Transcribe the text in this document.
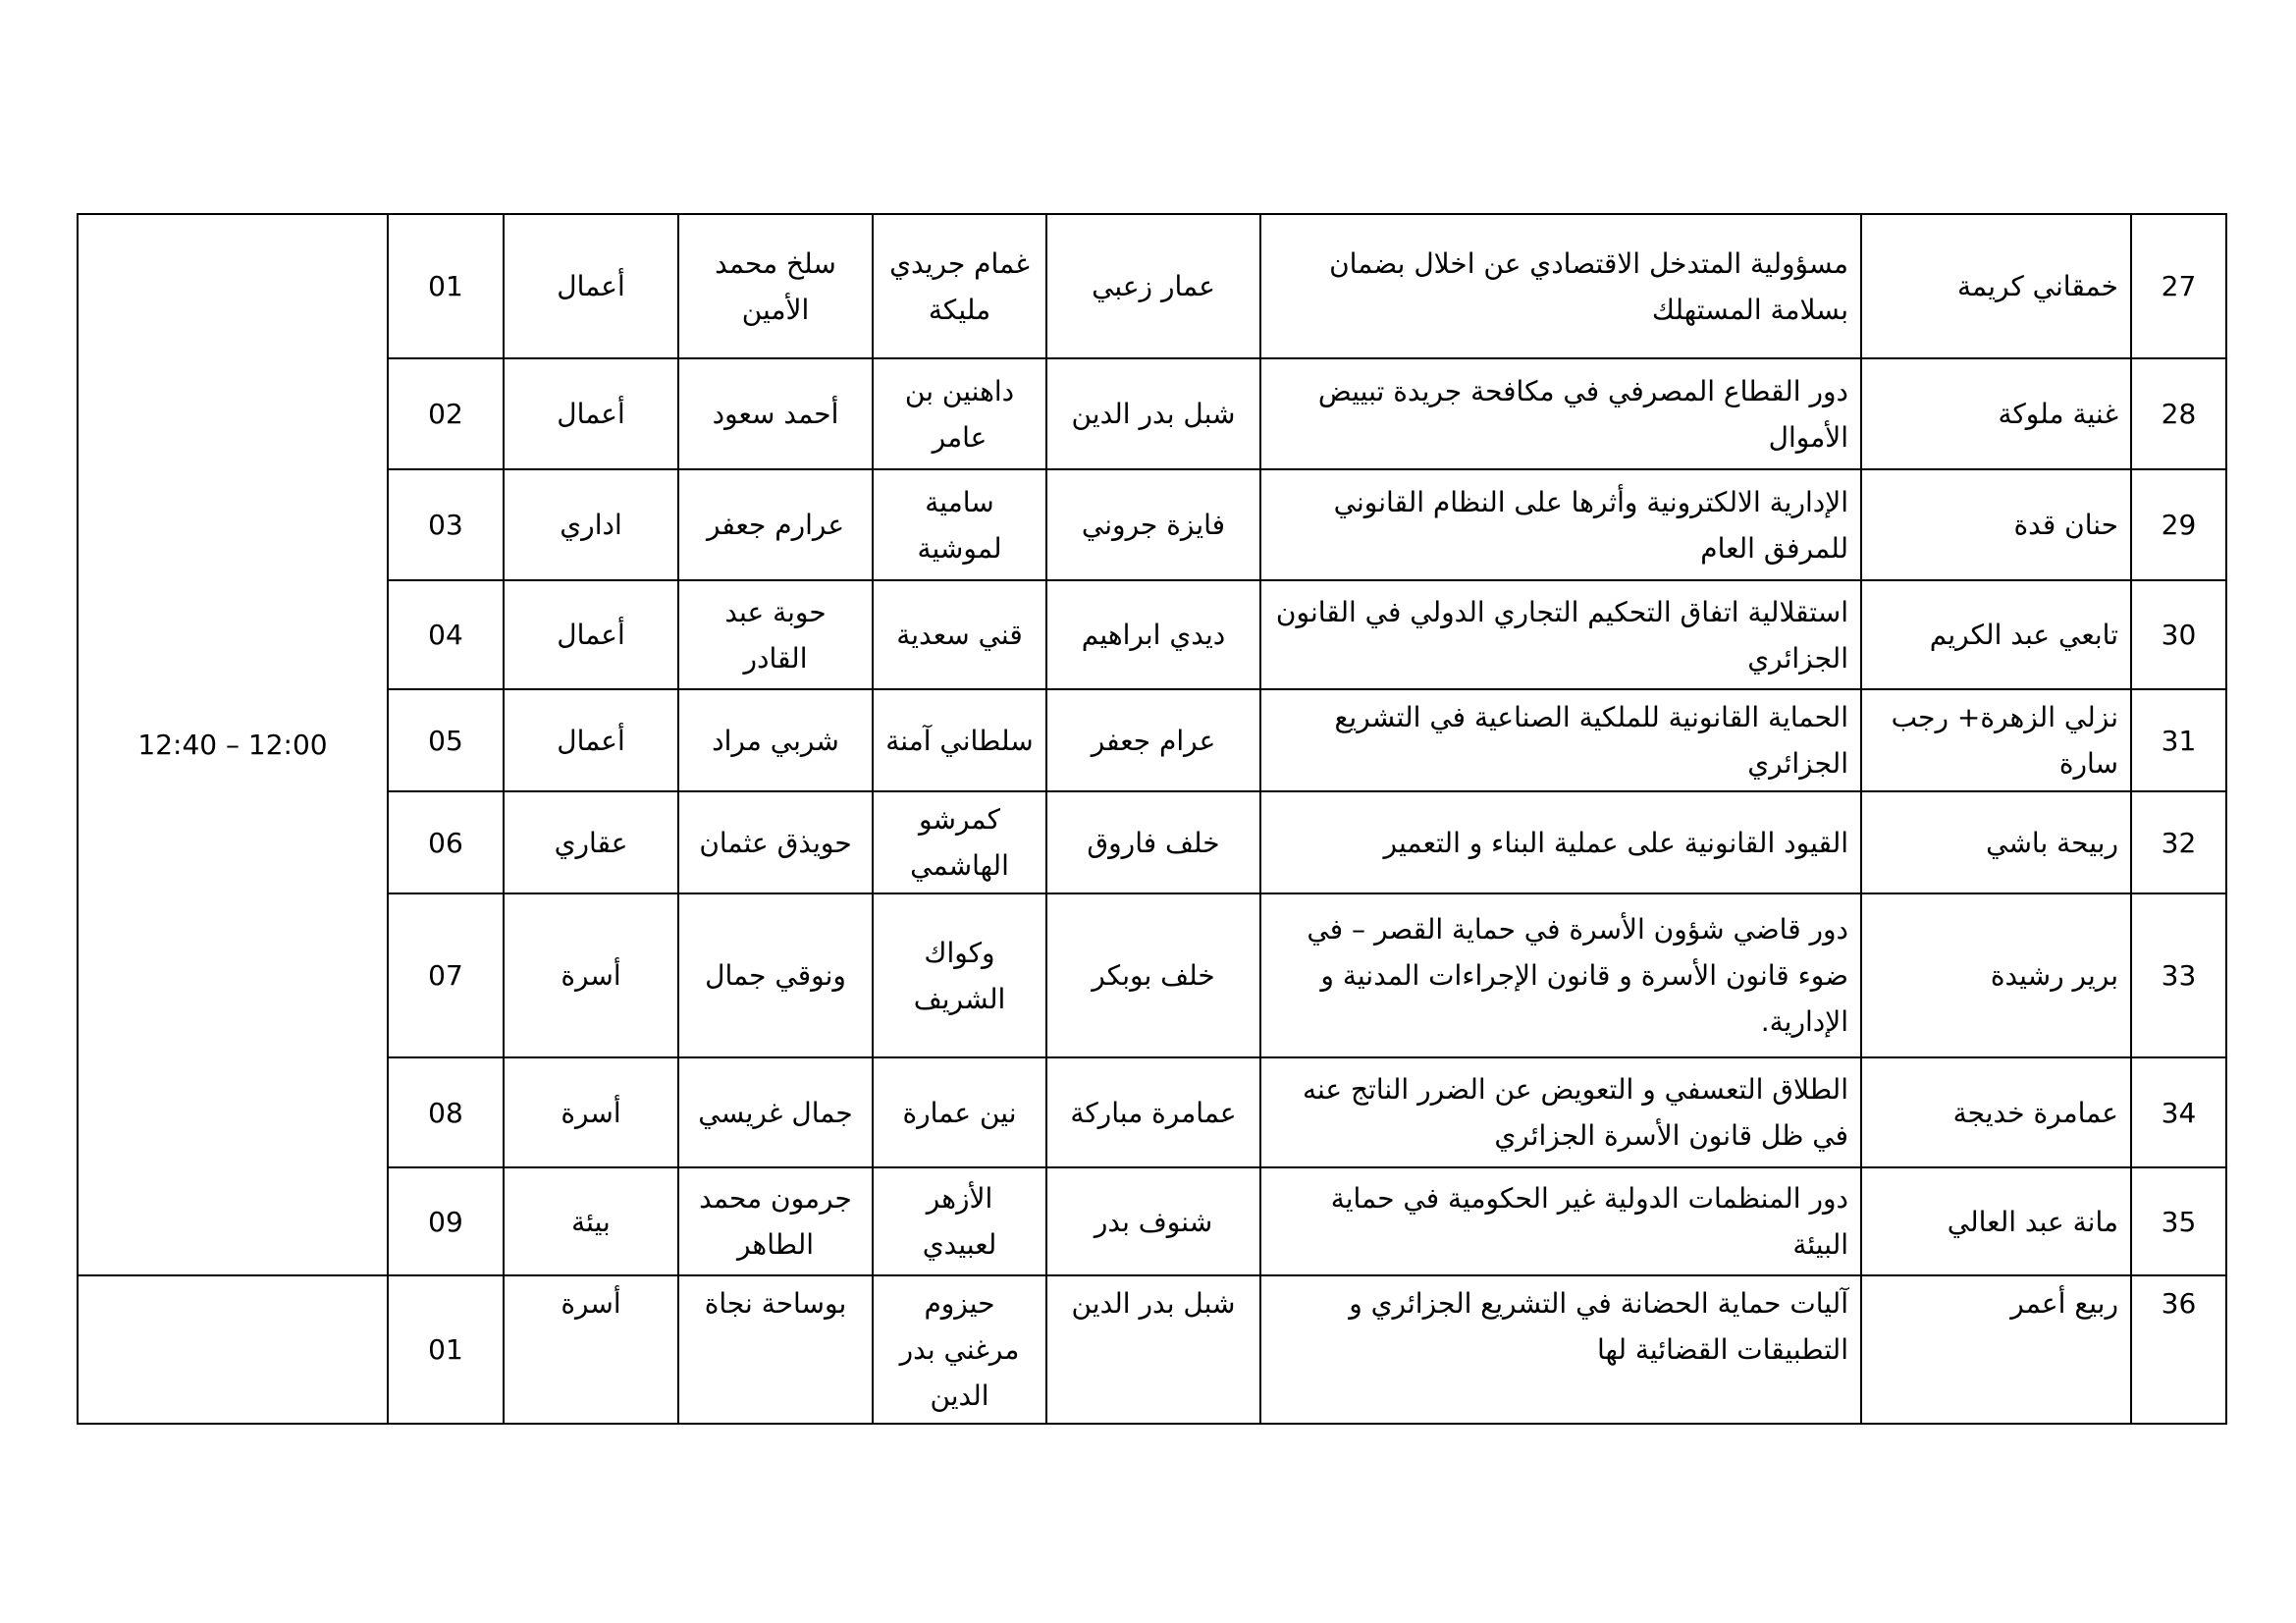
12:40 – 12:00	01	أعمال	سلخ محمد الأمين	غمام جريدي مليكة	عمار زعبي	مسؤولية المتدخل الاقتصادي عن اخلال بضمان بسلامة المستهلك	خمقاني كريمة	27
	02	أعمال	أحمد سعود	داهنين بن عامر	شبل بدر الدين	دور القطاع المصرفي في مكافحة جريدة تبييض الأموال	غنية ملوكة	28
	03	اداري	عرارم جعفر	سامية لموشية	فايزة جروني	الإدارية الالكترونية وأثرها على النظام القانوني للمرفق العام	حنان قدة	29
	04	أعمال	حوبة عبد القادر	قني سعدية	ديدي ابراهيم	استقلالية اتفاق التحكيم التجاري الدولي في القانون الجزائري	تابعي عبد الكريم	30
	05	أعمال	شربي مراد	سلطاني آمنة	عرام جعفر	الحماية القانونية للملكية الصناعية في التشريع الجزائري	نزلي الزهرة+ رجب سارة	31
	06	عقاري	حويذق عثمان	كمرشو الهاشمي	خلف فاروق	القيود القانونية على عملية البناء و التعمير	ربيحة باشي	32
	07	أسرة	ونوقي جمال	وكواك الشريف	خلف بوبكر	دور قاضي شؤون الأسرة في حماية القصر – في ضوء قانون الأسرة و قانون الإجراءات المدنية و الإدارية.	برير رشيدة	33
	08	أسرة	جمال غريسي	نين عمارة	عمامرة مباركة	الطلاق التعسفي و التعويض عن الضرر الناتج عنه في ظل قانون الأسرة الجزائري	عمامرة خديجة	34
	09	بيئة	جرمون محمد الطاهر	الأزهر لعبيدي	شنوف بدر	دور المنظمات الدولية غير الحكومية في حماية البيئة	مانة عبد العالي	35
	01	أسرة	بوساحة نجاة	حيزوم مرغني بدر الدين	شبل بدر الدين	آليات حماية الحضانة في التشريع الجزائري و التطبيقات القضائية لها	ربيع أعمر	36
